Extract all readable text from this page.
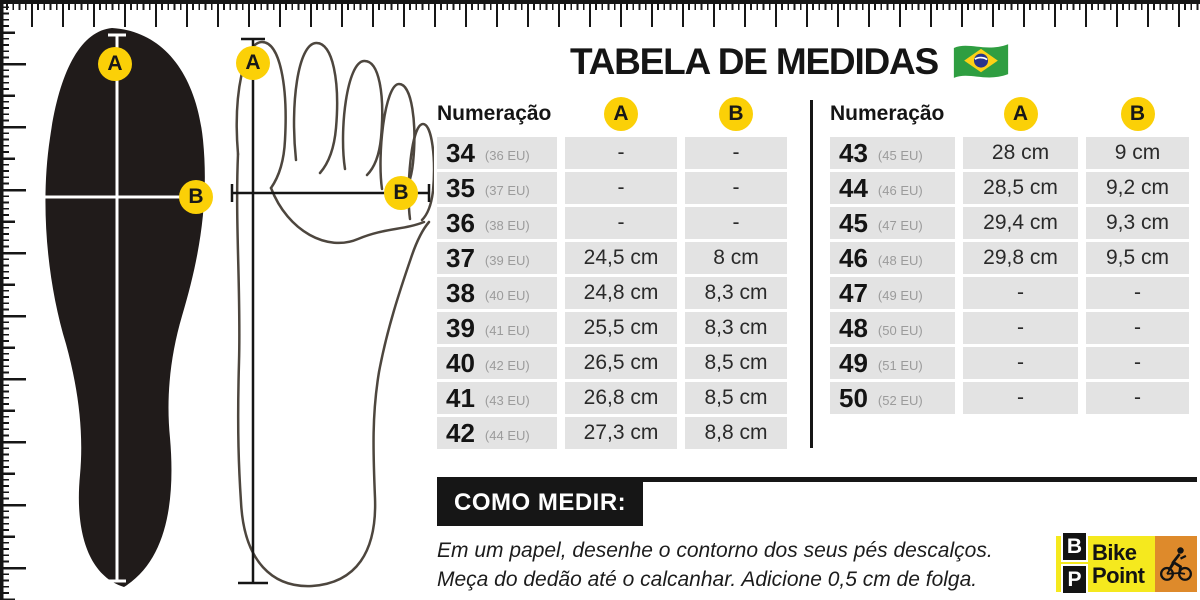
A
B
A
B
TABELA DE MEDIDAS
Numeração	A	B
34 (36 EU)	-	-
35 (37 EU)	-	-
36 (38 EU)	-	-
37 (39 EU)	24,5 cm	8 cm
38 (40 EU)	24,8 cm	8,3 cm
39 (41 EU)	25,5 cm	8,3 cm
40 (42 EU)	26,5 cm	8,5 cm
41 (43 EU)	26,8 cm	8,5 cm
42 (44 EU)	27,3 cm	8,8 cm
Numeração	A	B
43 (45 EU)	28 cm	9 cm
44 (46 EU)	28,5 cm	9,2 cm
45 (47 EU)	29,4 cm	9,3 cm
46 (48 EU)	29,8 cm	9,5 cm
47 (49 EU)	-	-
48 (50 EU)	-	-
49 (51 EU)	-	-
50 (52 EU)	-	-
COMO MEDIR:

Em um papel, desenhe o contorno dos seus pés descalços.

Meça do dedão até o calcanhar. Adicione 0,5 cm de folga.

B
P
Bike
Point
